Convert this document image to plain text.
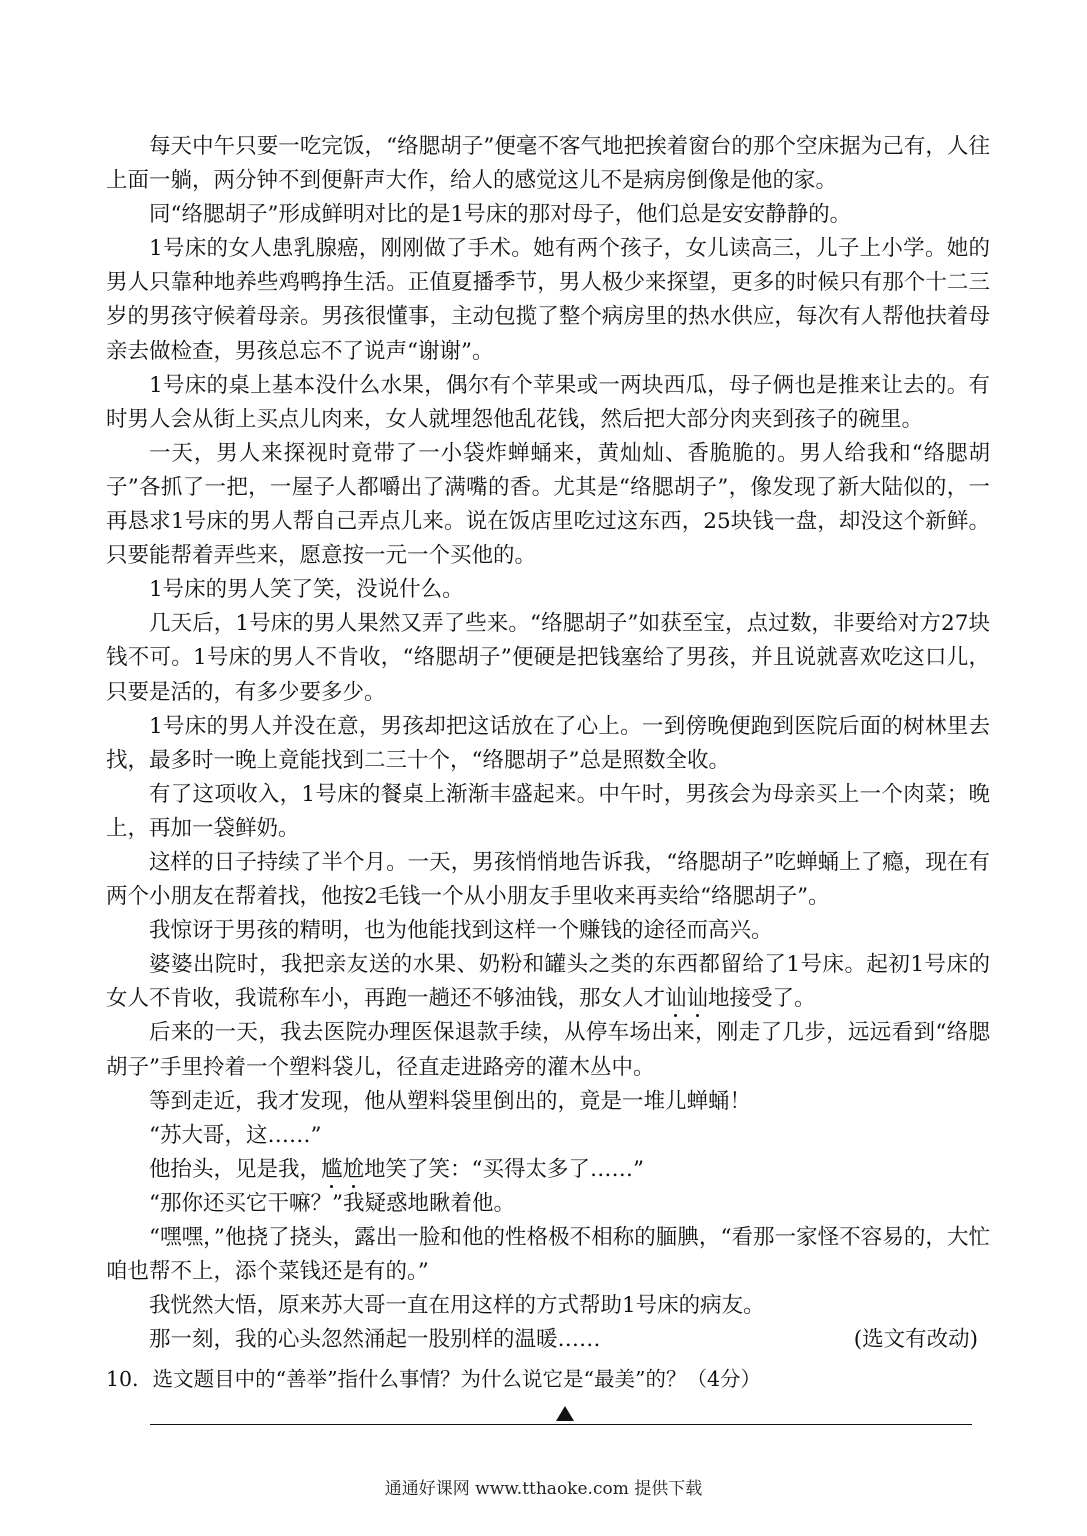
每天中午只要一吃完饭，“络腮胡子”便毫不客气地把挨着窗台的那个空床据为己有，人往上面一躺，两分钟不到便鼾声大作，给人的感觉这儿不是病房倒像是他的家。

同“络腮胡子”形成鲜明对比的是1号床的那对母子，他们总是安安静静的。

1号床的女人患乳腺癌，刚刚做了手术。她有两个孩子，女儿读高三，儿子上小学。她的男人只靠种地养些鸡鸭挣生活。正值夏播季节，男人极少来探望，更多的时候只有那个十二三岁的男孩守候着母亲。男孩很懂事，主动包揽了整个病房里的热水供应，每次有人帮他扶着母亲去做检查，男孩总忘不了说声“谢谢”。

1号床的桌上基本没什么水果，偶尔有个苹果或一两块西瓜，母子俩也是推来让去的。有时男人会从街上买点儿肉来，女人就埋怨他乱花钱，然后把大部分肉夹到孩子的碗里。

一天，男人来探视时竟带了一小袋炸蝉蛹来，黄灿灿、香脆脆的。男人给我和“络腮胡子”各抓了一把，一屋子人都嚼出了满嘴的香。尤其是“络腮胡子”，像发现了新大陆似的，一再恳求1号床的男人帮自己弄点儿来。说在饭店里吃过这东西，25块钱一盘，却没这个新鲜。只要能帮着弄些来，愿意按一元一个买他的。

1号床的男人笑了笑，没说什么。

几天后，1号床的男人果然又弄了些来。“络腮胡子”如获至宝，点过数，非要给对方27块钱不可。1号床的男人不肯收，“络腮胡子”便硬是把钱塞给了男孩，并且说就喜欢吃这口儿，只要是活的，有多少要多少。

1号床的男人并没在意，男孩却把这话放在了心上。一到傍晚便跑到医院后面的树林里去找，最多时一晚上竟能找到二三十个，“络腮胡子”总是照数全收。

有了这项收入，1号床的餐桌上渐渐丰盛起来。中午时，男孩会为母亲买上一个肉菜；晚上，再加一袋鲜奶。

这样的日子持续了半个月。一天，男孩悄悄地告诉我，“络腮胡子”吃蝉蛹上了瘾，现在有两个小朋友在帮着找，他按2毛钱一个从小朋友手里收来再卖给“络腮胡子”。

我惊讶于男孩的精明，也为他能找到这样一个赚钱的途径而高兴。

婆婆出院时，我把亲友送的水果、奶粉和罐头之类的东西都留给了1号床。起初1号床的女人不肯收，我谎称车小，再跑一趟还不够油钱，那女人才讪讪地接受了。

后来的一天，我去医院办理医保退款手续，从停车场出来，刚走了几步，远远看到“络腮胡子”手里拎着一个塑料袋儿，径直走进路旁的灌木丛中。

等到走近，我才发现，他从塑料袋里倒出的，竟是一堆儿蝉蛹！

“苏大哥，这……”

他抬头，见是我，尴尬地笑了笑：“买得太多了……”

“那你还买它干嘛？”我疑惑地瞅着他。

“嘿嘿，”他挠了挠头，露出一脸和他的性格极不相称的腼腆，“看那一家怪不容易的，大忙咱也帮不上，添个菜钱还是有的。”

我恍然大悟，原来苏大哥一直在用这样的方式帮助1号床的病友。

那一刻，我的心头忽然涌起一股别样的温暖……	(选文有改动)

10．选文题目中的“善举”指什么事情？为什么说它是“最美”的？（4分）
通通好课网 www.tthaoke.com 提供下载
